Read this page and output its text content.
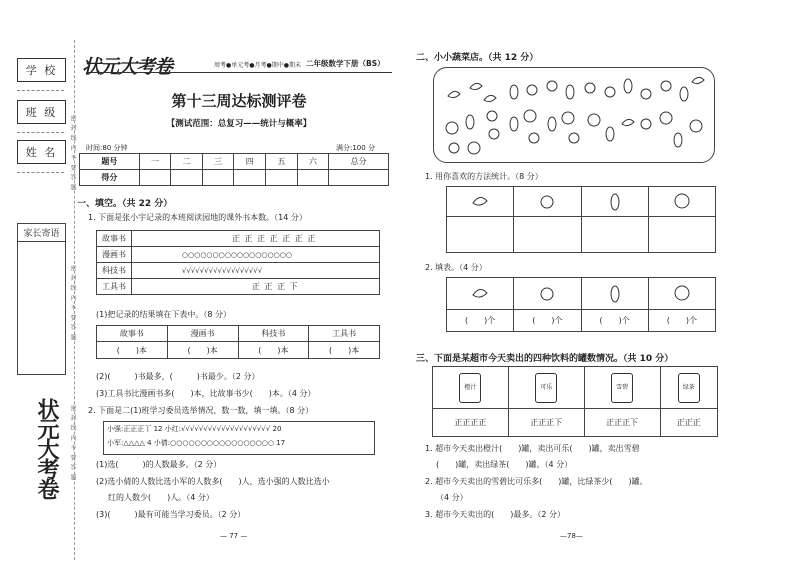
学 校
班 级
姓 名
家长寄语
密 封 线 内 不 要 答 题
密 封 线 内 不 要 答 题
密 封 线 内 不 要 答 题
状元大考卷
状元大考卷	周考●单元考●月考●期中●期末 二年级数学下册（BS）
第十三周达标测评卷
【测试范围：总复习——统计与概率】
时间:80 分钟	满分:100 分
题号	一	二	三	四	五	六	总分
得分							
一、填空。（共 22 分）
1. 下面是张小宇记录的本班阅读园地的课外书本数。（14 分）
故事书	正 正 正 正 正 正 正
漫画书	○○○○○○○○○○○○○○○○○○
科技书	√√√√√√√√√√√√√√√√√√
工具书	正 正 正 下
(1)把记录的结果填在下表中。（8 分）
故事书	漫画书	科技书	工具书
(　　)本	(　　)本	(　　)本	(　　)本
(2)(　　　)书最多，(　　　)书最少。（2 分）
(3)工具书比漫画书多(　　)本，比故事书少(　　)本。（4 分）
2. 下面是二(1)班学习委员选举情况，数一数，填一填。（8 分）
小强:正正正丅 12 小红:√√√√√√√√√√√√√√√√√√√√ 20
小军:△△△△ 4 小倩:○○○○○○○○○○○○○○○○○ 17
(1)选(　　　)的人数最多。（2 分）
(2)选小倩的人数比选小军的人数多(　　)人，选小强的人数比选小
红的人数少(　　)人。（4 分）
(3)(　　　)最有可能当学习委员。（2 分）
— 77 —
二、小小蔬菜店。（共 12 分）
1. 用你喜欢的方法统计。（8 分）

2. 填表。（4 分）

(　　)个	(　　)个	(　　)个	(　　)个
三、下面是某超市今天卖出的四种饮料的罐数情况。（共 10 分）
橙汁	可乐	雪碧	绿茶
正正正正	正正正下	正正正下	正正正
1. 超市今天卖出橙汁(　　)罐，卖出可乐(　　)罐，卖出雪碧
(　　)罐，卖出绿茶(　　)罐。（4 分）
2. 超市今天卖出的雪碧比可乐多(　　)罐，比绿茶少(　　)罐。
（4 分）
3. 超市今天卖出的(　　)最多。（2 分）
—78—
